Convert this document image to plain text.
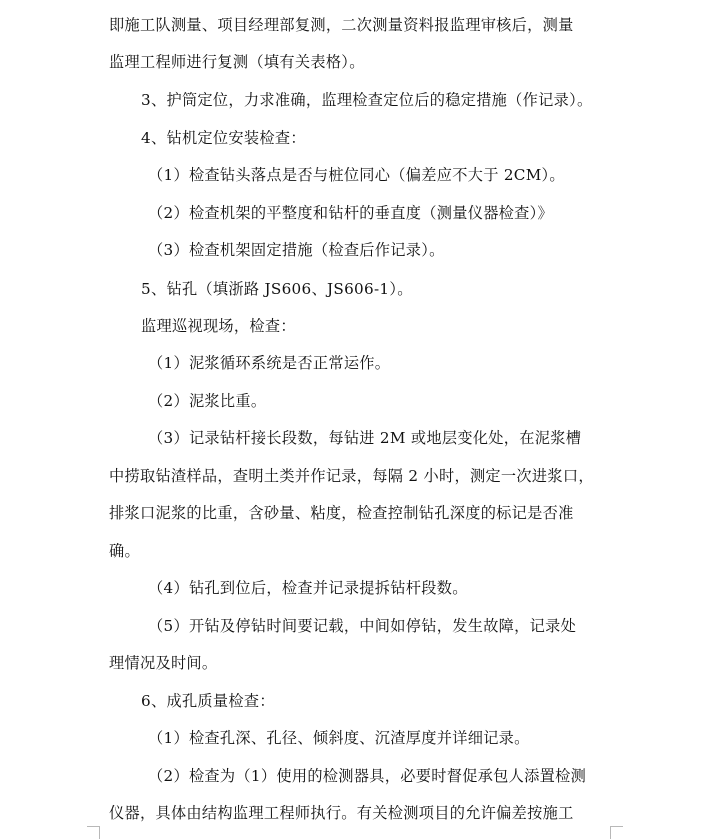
即施工队测量、项目经理部复测，二次测量资料报监理审核后，测量
监理工程师进行复测（填有关表格）。
3、护筒定位，力求准确，监理检查定位后的稳定措施（作记录）。
4、钻机定位安装检查：
（1）检查钻头落点是否与桩位同心（偏差应不大于 2CM）。
（2）检查机架的平整度和钻杆的垂直度（测量仪器检查）》
（3）检查机架固定措施（检查后作记录）。
5、钻孔（填浙路 JS606、JS606-1）。
监理巡视现场，检查：
（1）泥浆循环系统是否正常运作。
（2）泥浆比重。
（3）记录钻杆接长段数，每钻进 2M 或地层变化处，在泥浆槽
中捞取钻渣样品，查明土类并作记录，每隔 2 小时，测定一次进浆口，
排浆口泥浆的比重，含砂量、粘度，检查控制钻孔深度的标记是否准
确。
（4）钻孔到位后，检查并记录提拆钻杆段数。
（5）开钻及停钻时间要记载，中间如停钻，发生故障，记录处
理情况及时间。
6、成孔质量检查：
（1）检查孔深、孔径、倾斜度、沉渣厚度并详细记录。
（2）检查为（1）使用的检测器具，必要时督促承包人添置检测
仪器，具体由结构监理工程师执行。有关检测项目的允许偏差按施工
